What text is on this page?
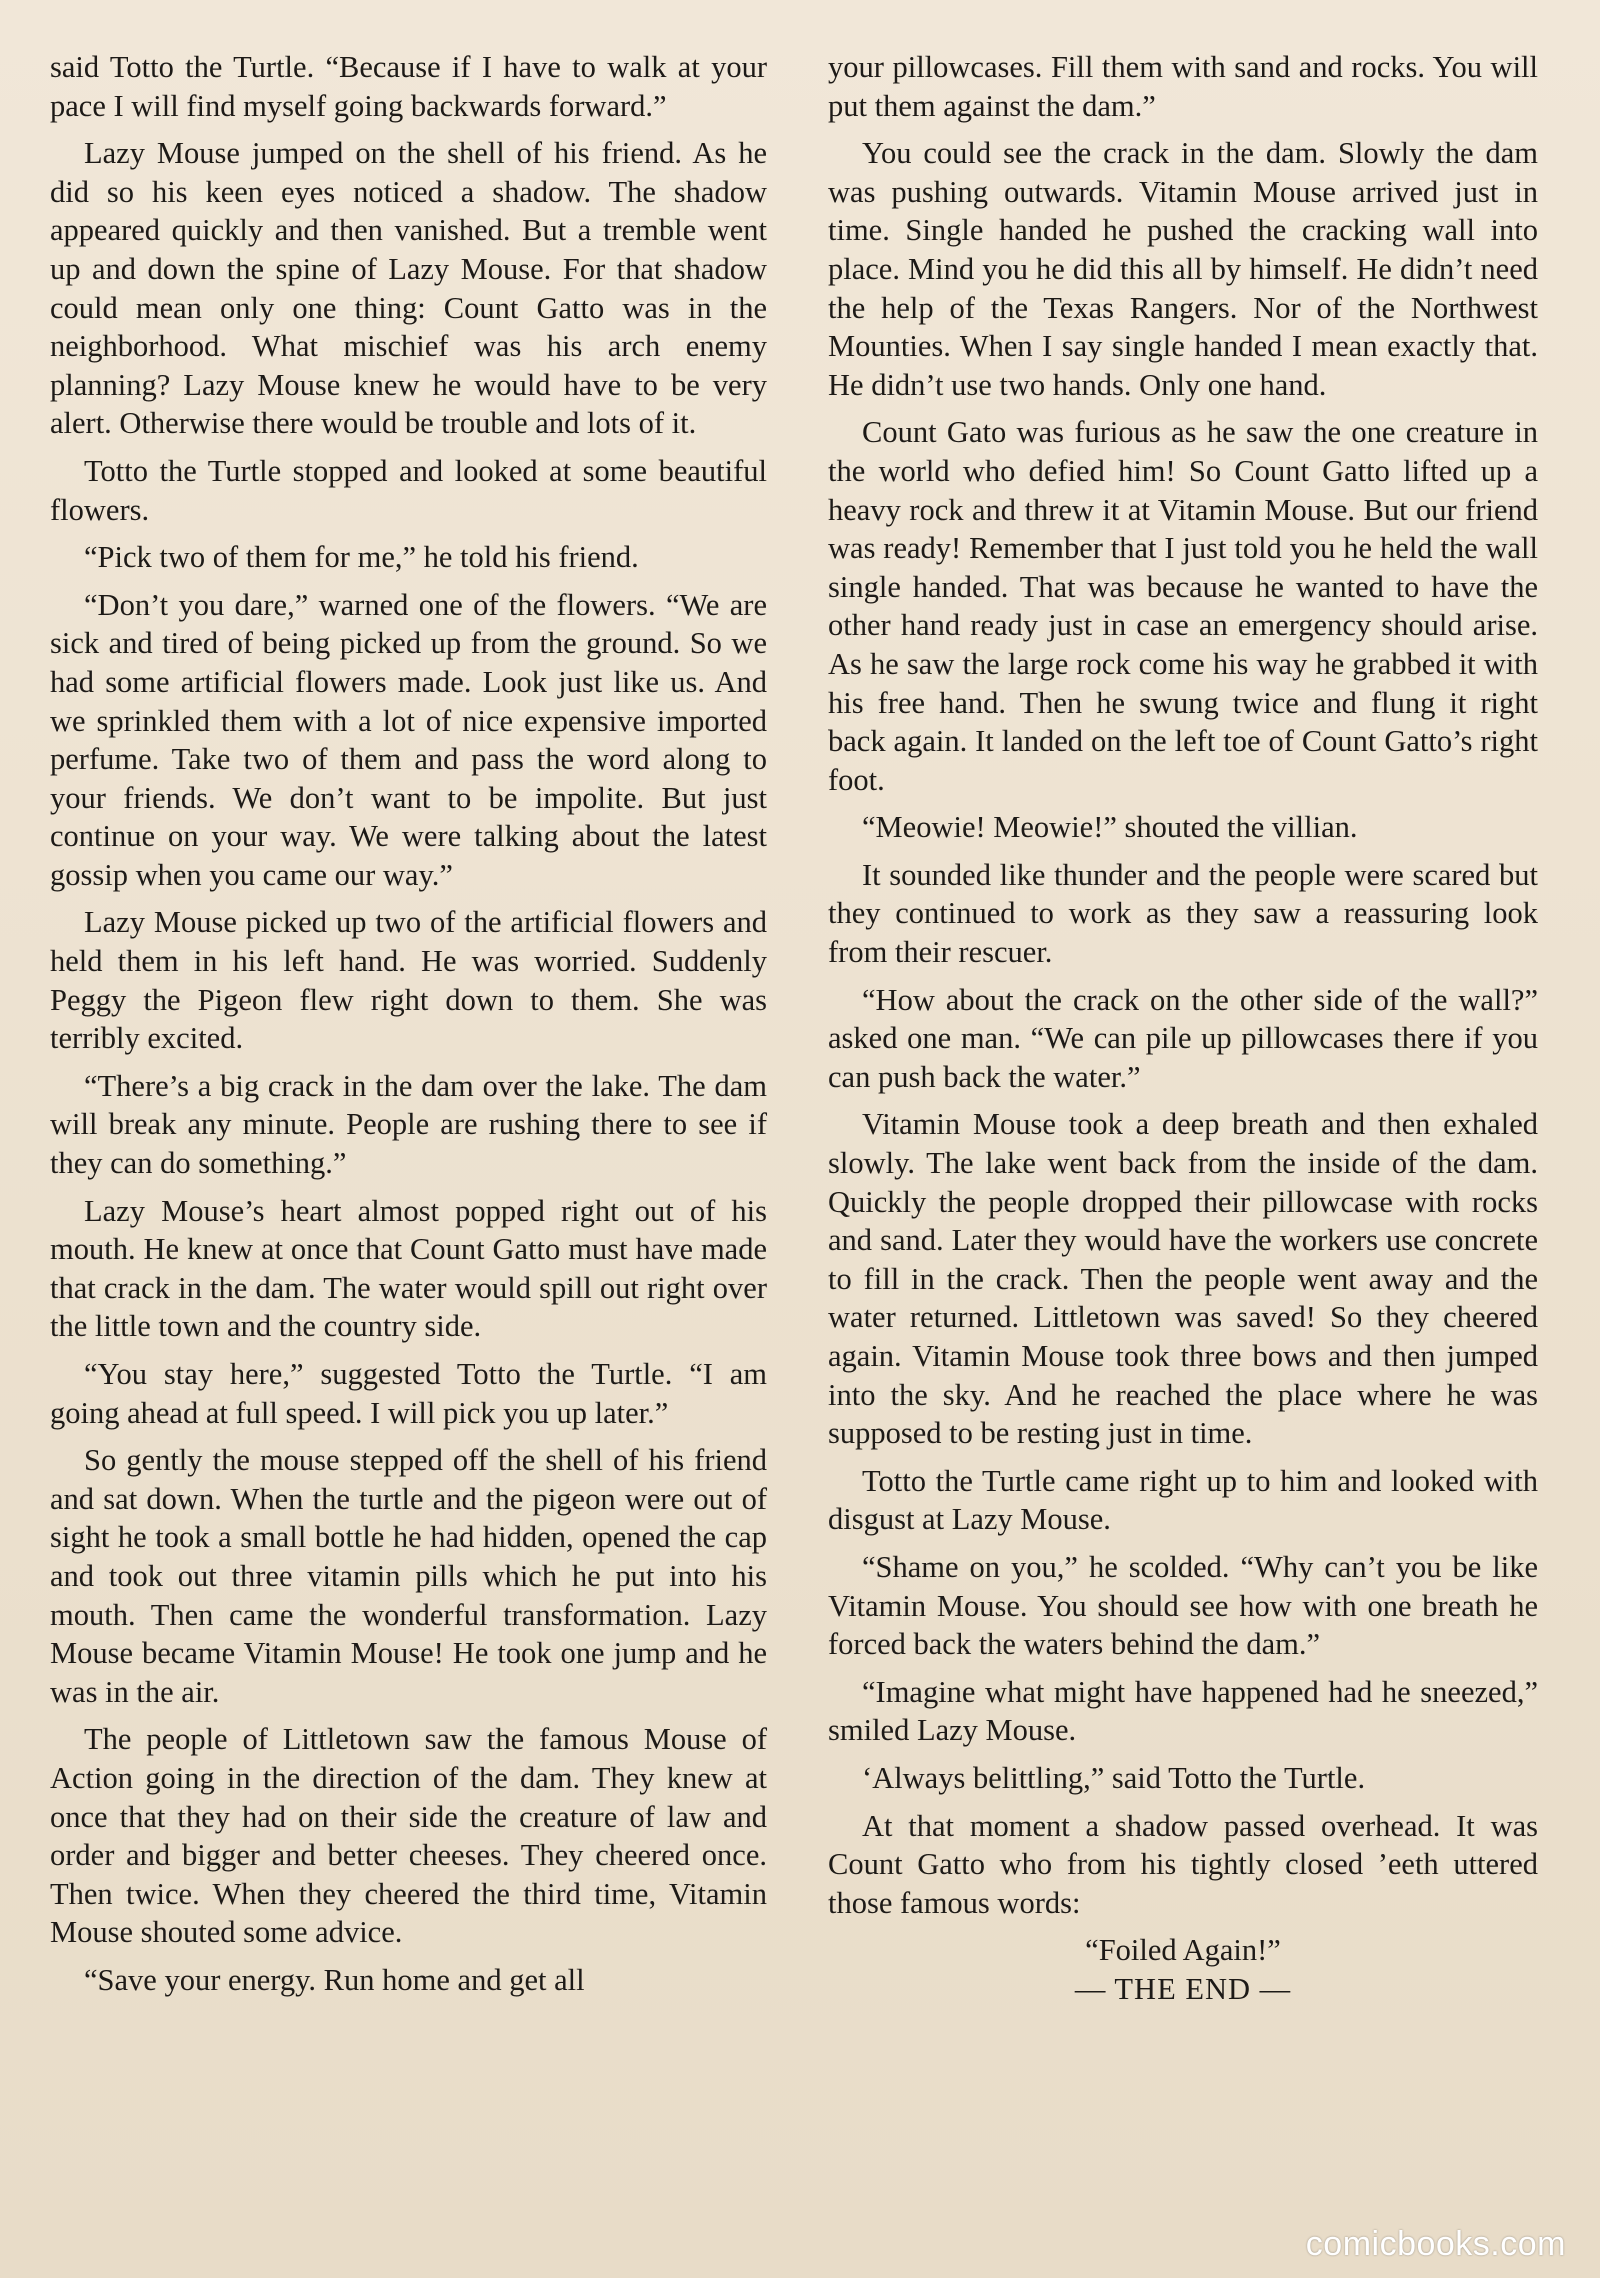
said Totto the Turtle. “Because if I have to walk at your pace I will find myself going backwards forward.”

Lazy Mouse jumped on the shell of his friend. As he did so his keen eyes noticed a shadow. The shadow appeared quickly and then vanished. But a tremble went up and down the spine of Lazy Mouse. For that shadow could mean only one thing: Count Gatto was in the neighborhood. What mischief was his arch enemy planning? Lazy Mouse knew he would have to be very alert. Otherwise there would be trouble and lots of it.

Totto the Turtle stopped and looked at some beautiful flowers.

“Pick two of them for me,” he told his friend.

“Don’t you dare,” warned one of the flowers. “We are sick and tired of being picked up from the ground. So we had some artificial flowers made. Look just like us. And we sprinkled them with a lot of nice expensive imported perfume. Take two of them and pass the word along to your friends. We don’t want to be impolite. But just continue on your way. We were talking about the latest gossip when you came our way.”

Lazy Mouse picked up two of the artificial flowers and held them in his left hand. He was worried. Suddenly Peggy the Pigeon flew right down to them. She was terribly excited.

“There’s a big crack in the dam over the lake. The dam will break any minute. People are rushing there to see if they can do something.”

Lazy Mouse’s heart almost popped right out of his mouth. He knew at once that Count Gatto must have made that crack in the dam. The water would spill out right over the little town and the country side.

“You stay here,” suggested Totto the Turtle. “I am going ahead at full speed. I will pick you up later.”

So gently the mouse stepped off the shell of his friend and sat down. When the turtle and the pigeon were out of sight he took a small bottle he had hidden, opened the cap and took out three vitamin pills which he put into his mouth. Then came the wonderful transformation. Lazy Mouse became Vitamin Mouse! He took one jump and he was in the air.

The people of Littletown saw the famous Mouse of Action going in the direction of the dam. They knew at once that they had on their side the creature of law and order and bigger and better cheeses. They cheered once. Then twice. When they cheered the third time, Vitamin Mouse shouted some advice.

“Save your energy. Run home and get all

your pillowcases. Fill them with sand and rocks. You will put them against the dam.”

You could see the crack in the dam. Slowly the dam was pushing outwards. Vitamin Mouse arrived just in time. Single handed he pushed the cracking wall into place. Mind you he did this all by himself. He didn’t need the help of the Texas Rangers. Nor of the Northwest Mounties. When I say single handed I mean exactly that. He didn’t use two hands. Only one hand.

Count Gato was furious as he saw the one creature in the world who defied him! So Count Gatto lifted up a heavy rock and threw it at Vitamin Mouse. But our friend was ready! Remember that I just told you he held the wall single handed. That was because he wanted to have the other hand ready just in case an emergency should arise. As he saw the large rock come his way he grabbed it with his free hand. Then he swung twice and flung it right back again. It landed on the left toe of Count Gatto’s right foot.

“Meowie! Meowie!” shouted the villian.

It sounded like thunder and the people were scared but they continued to work as they saw a reassuring look from their rescuer.

“How about the crack on the other side of the wall?” asked one man. “We can pile up pillowcases there if you can push back the water.”

Vitamin Mouse took a deep breath and then exhaled slowly. The lake went back from the inside of the dam. Quickly the people dropped their pillowcase with rocks and sand. Later they would have the workers use concrete to fill in the crack. Then the people went away and the water returned. Littletown was saved! So they cheered again. Vitamin Mouse took three bows and then jumped into the sky. And he reached the place where he was supposed to be resting just in time.

Totto the Turtle came right up to him and looked with disgust at Lazy Mouse.

“Shame on you,” he scolded. “Why can’t you be like Vitamin Mouse. You should see how with one breath he forced back the waters behind the dam.”

“Imagine what might have happened had he sneezed,” smiled Lazy Mouse.

‘Always belittling,” said Totto the Turtle.

At that moment a shadow passed overhead. It was Count Gatto who from his tightly closed ’eeth uttered those famous words:

“Foiled Again!”

— THE END —

comicbooks.com
